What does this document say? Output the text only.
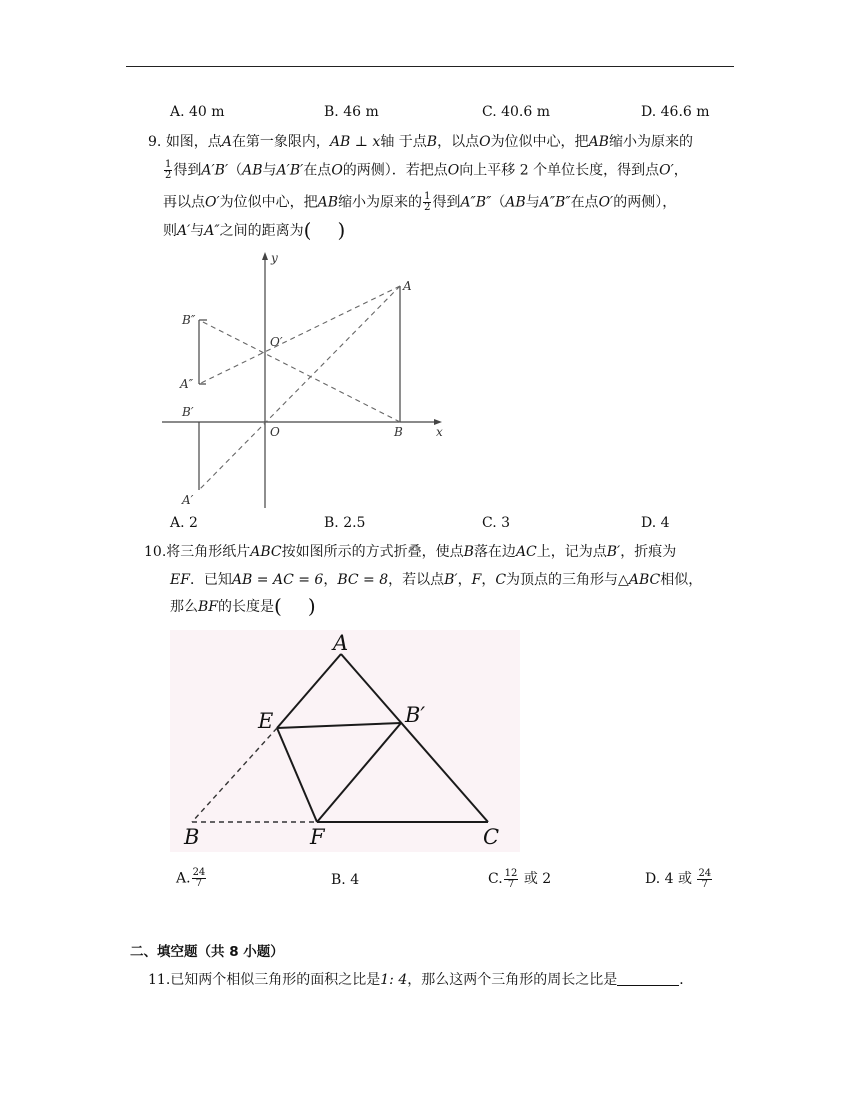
A. 40 m	B. 46 m	C. 40.6 m	D. 46.6 m
9. 如图，点A在第一象限内，AB ⊥ x轴 于点B，以点O为位似中心，把AB缩小为原来的
$\frac{1}{2}$ 得到A′B′（AB与A′B′在点O的两侧）．若把点O向上平移 2 个单位长度，得到点O′，
再以点O′为位似中心，把AB缩小为原来的 $\frac{1}{2}$ 得到A″B″（AB与A″B″在点O′的两侧），
则A′与A″之间的距离为( )
y
A
B″
O′
A″
B′
O	B	x
A′
A. 2	B. 2.5	C. 3	D. 4
10.将三角形纸片ABC按如图所示的方式折叠，使点B落在边AC上，记为点B′，折痕为
EF．已知AB = AC = 6，BC = 8，若以点B′，F，C为顶点的三角形与△ABC相似，
那么BF的长度是( )
A
E	B′
B	F	C
A. $\frac{24}{7}$	B. 4	C. $\frac{12}{7}$ 或 2	D. 4 或 $\frac{24}{7}$
二、填空题（共 8 小题）
11.已知两个相似三角形的面积之比是1: 4，那么这两个三角形的周长之比是	．
